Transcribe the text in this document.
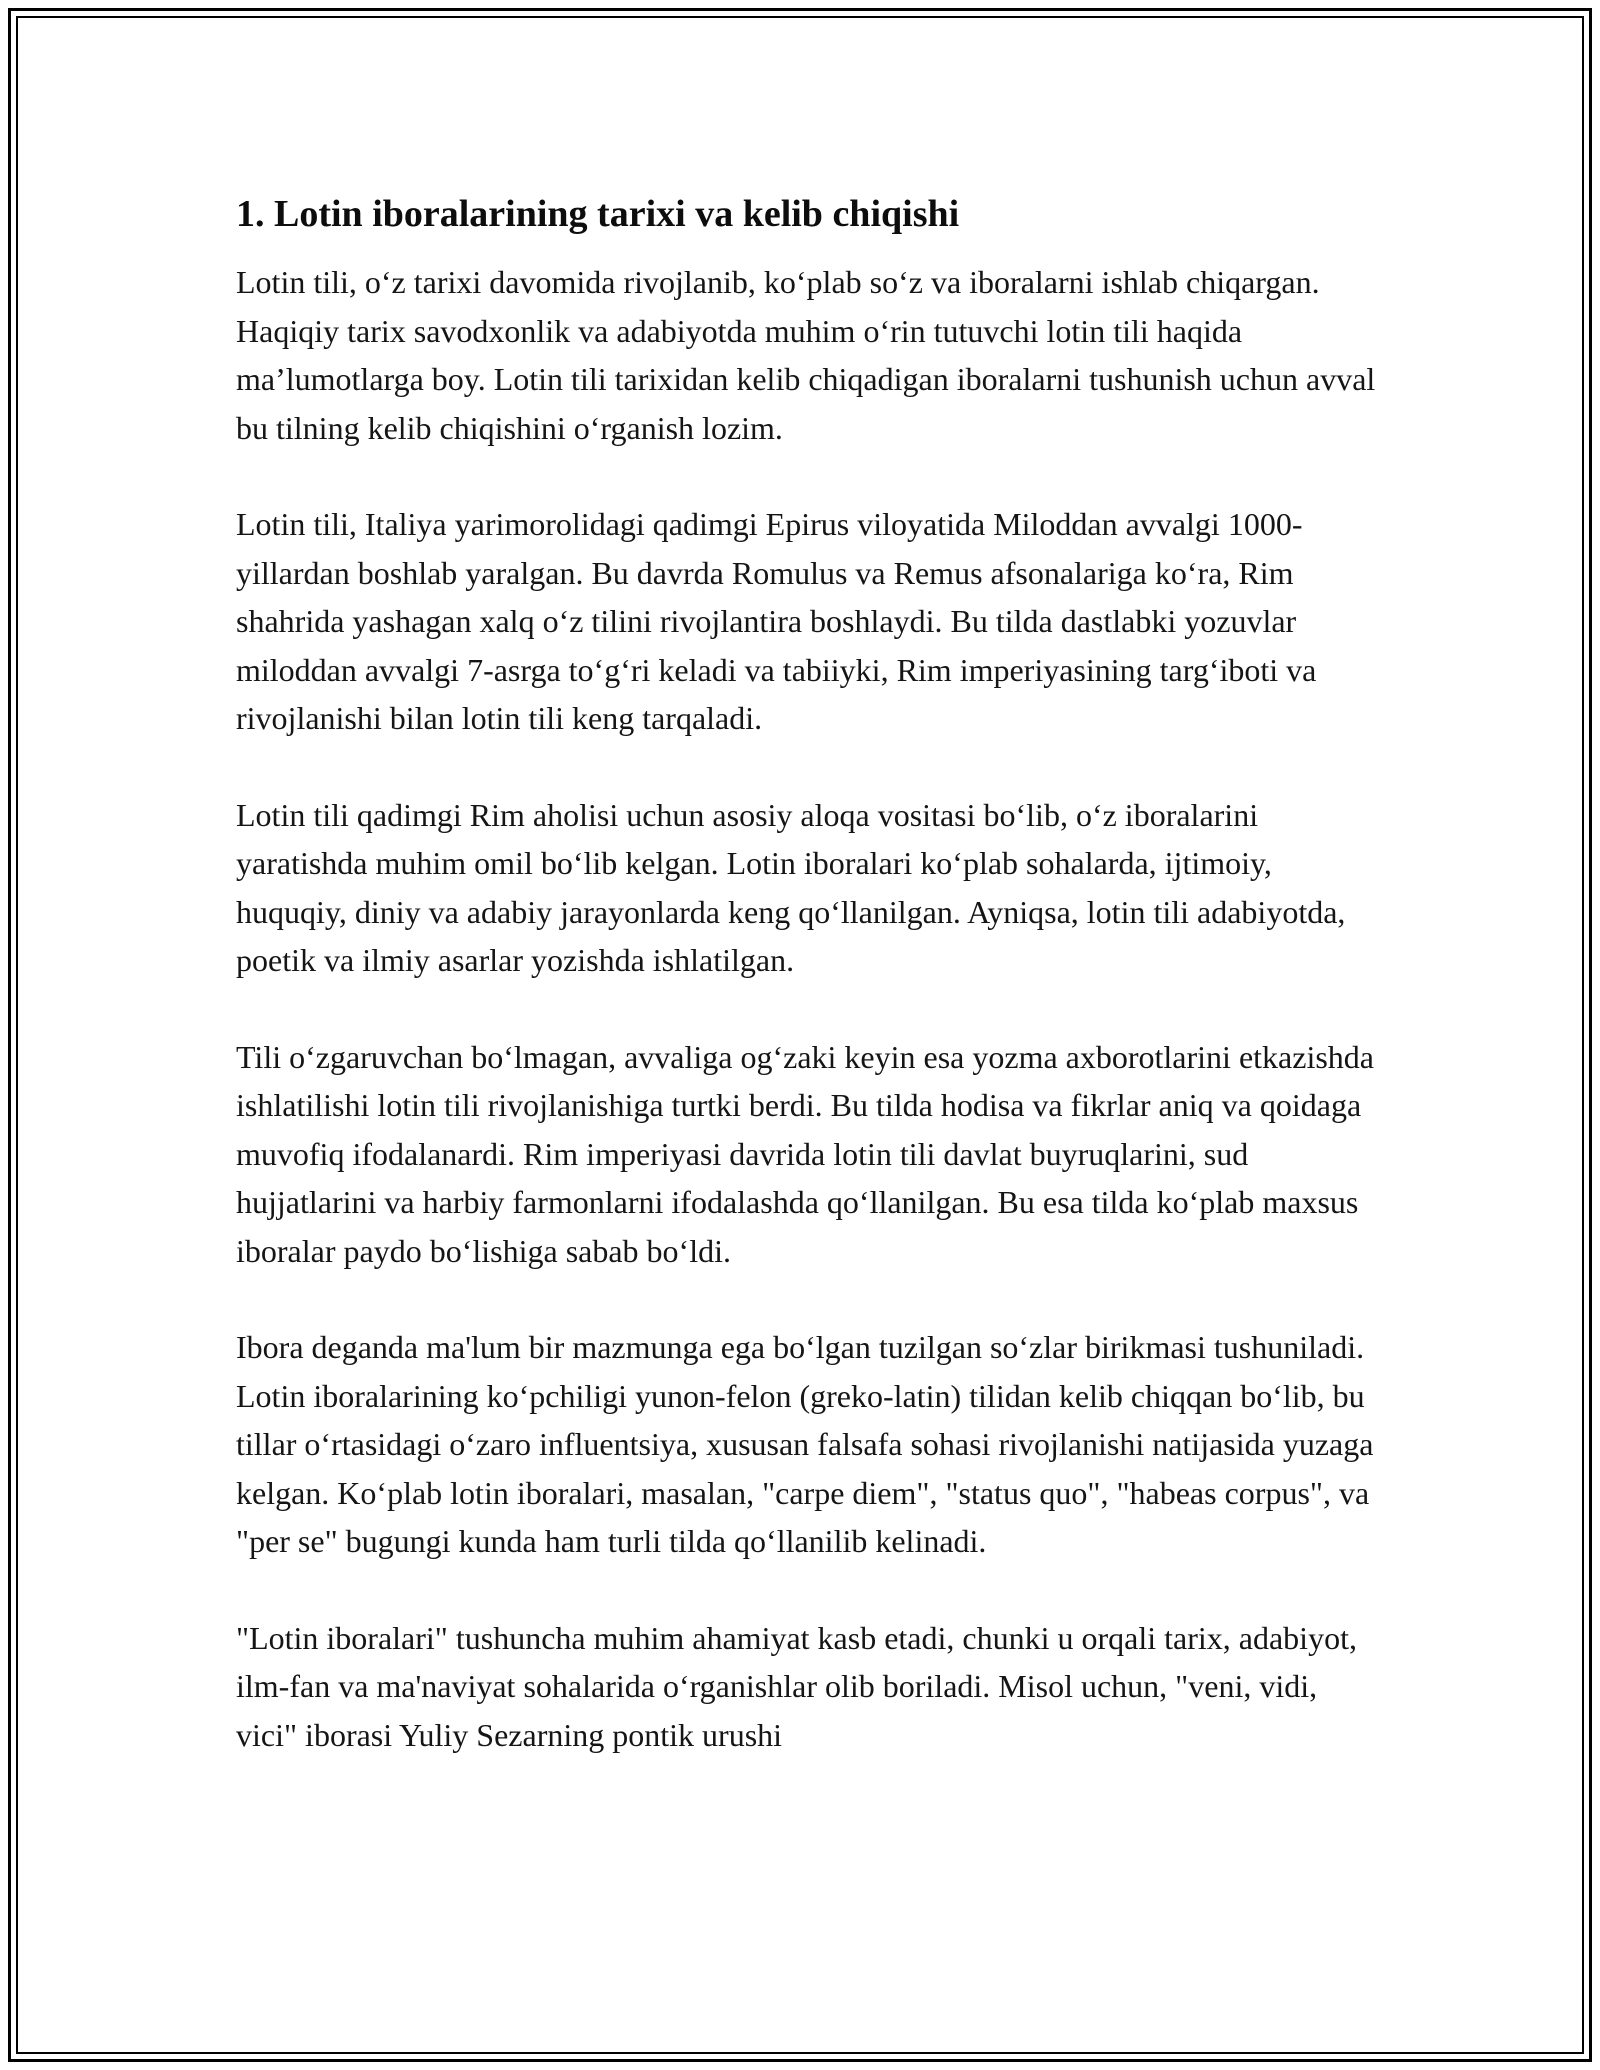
1. Lotin iboralarining tarixi va kelib chiqishi

Lotin tili, o‘z tarixi davomida rivojlanib, ko‘plab so‘z va iboralarni ishlab chiqargan. Haqiqiy tarix savodxonlik va adabiyotda muhim o‘rin tutuvchi lotin tili haqida ma’lumotlarga boy. Lotin tili tarixidan kelib chiqadigan iboralarni tushunish uchun avval bu tilning kelib chiqishini o‘rganish lozim.

Lotin tili, Italiya yarimorolidagi qadimgi Epirus viloyatida Miloddan avvalgi 1000-yillardan boshlab yaralgan. Bu davrda Romulus va Remus afsonalariga ko‘ra, Rim shahrida yashagan xalq o‘z tilini rivojlantira boshlaydi. Bu tilda dastlabki yozuvlar miloddan avvalgi 7-asrga to‘g‘ri keladi va tabiiyki, Rim imperiyasining targ‘iboti va rivojlanishi bilan lotin tili keng tarqaladi.

Lotin tili qadimgi Rim aholisi uchun asosiy aloqa vositasi bo‘lib, o‘z iboralarini yaratishda muhim omil bo‘lib kelgan. Lotin iboralari ko‘plab sohalarda, ijtimoiy, huquqiy, diniy va adabiy jarayonlarda keng qo‘llanilgan. Ayniqsa, lotin tili adabiyotda, poetik va ilmiy asarlar yozishda ishlatilgan.

Tili o‘zgaruvchan bo‘lmagan, avvaliga og‘zaki keyin esa yozma axborotlarini etkazishda ishlatilishi lotin tili rivojlanishiga turtki berdi. Bu tilda hodisa va fikrlar aniq va qoidaga muvofiq ifodalanardi. Rim imperiyasi davrida lotin tili davlat buyruqlarini, sud hujjatlarini va harbiy farmonlarni ifodalashda qo‘llanilgan. Bu esa tilda ko‘plab maxsus iboralar paydo bo‘lishiga sabab bo‘ldi.

Ibora deganda ma'lum bir mazmunga ega bo‘lgan tuzilgan so‘zlar birikmasi tushuniladi. Lotin iboralarining ko‘pchiligi yunon-felon (greko-latin) tilidan kelib chiqqan bo‘lib, bu tillar o‘rtasidagi o‘zaro influentsiya, xususan falsafa sohasi rivojlanishi natijasida yuzaga kelgan. Ko‘plab lotin iboralari, masalan, "carpe diem", "status quo", "habeas corpus", va "per se" bugungi kunda ham turli tilda qo‘llanilib kelinadi.

"Lotin iboralari" tushuncha muhim ahamiyat kasb etadi, chunki u orqali tarix, adabiyot, ilm-fan va ma'naviyat sohalarida o‘rganishlar olib boriladi. Misol uchun, "veni, vidi, vici" iborasi Yuliy Sezarning pontik urushi
